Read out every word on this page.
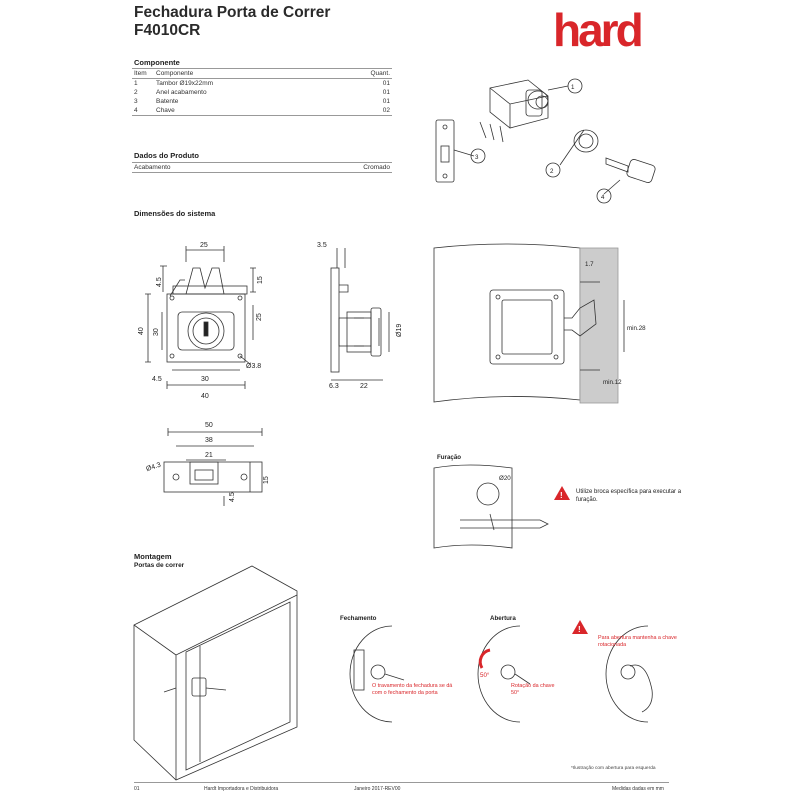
Fechadura Porta de Correr
F4010CR	hard
Componente
Item	Componente	Quant.
1	Tambor Ø19x22mm	01
2	Anel acabamento	01
3	Batente	01
4	Chave	02
Dados do Produto
Acabamento	Cromado
Dimensões do sistema
Montagem
Portas de correr
!
!
1
2
3
4
25
4.5	15
40 30
25
Ø3.8
4.5	30
40
3.5
Ø19
6.3	22
1.7
min.28
min.12
50
38
21
Ø4.3
15
4.5
Furação
Ø20
Fechamento	Abertura
50°
Utilize broca específica para executar a furação.
O travamento da fechadura se dá com o fechamento da porta
Rotação da chave 50°
Para abertura mantenha a chave rotacionada
*Ilustração com abertura para esquerda
01	Hardt Importadora e Distribuidora	Janeiro 2017-REV00	Medidas dadas em mm
